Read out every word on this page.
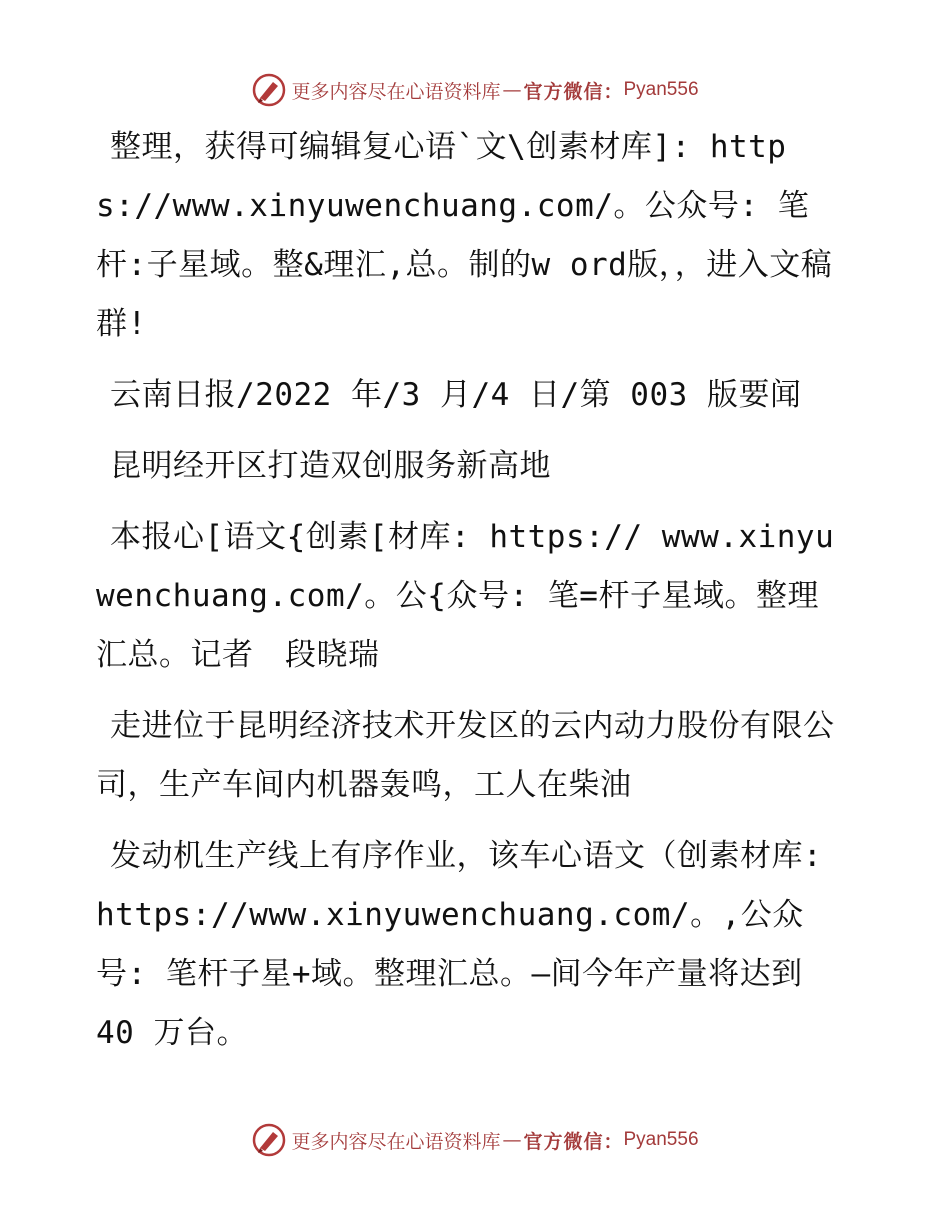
更多内容尽在心语资料库 — 官方微信： Pyan556

整理，获得可编辑复心语`文\创素材库]: https://www.xinyuwenchuang.com/。公众号: 笔杆:子星域。整&理汇,总。制的w ord版，，进入文稿群!

云南日报/2022 年/3 月/4 日/第 003 版要闻

昆明经开区打造双创服务新高地

本报心[语文{创素[材库: https:// www.xinyuwenchuang.com/。公{众号: 笔=杆子星域。整理汇总。记者　段晓瑞

走进位于昆明经济技术开发区的云内动力股份有限公司，生产车间内机器轰鸣，工人在柴油

发动机生产线上有序作业，该车心语文（创素材库: https://www.xinyuwenchuang.com/。,公众号: 笔杆子星+域。整理汇总。—间今年产量将达到 40 万台。

更多内容尽在心语资料库 — 官方微信： Pyan556
